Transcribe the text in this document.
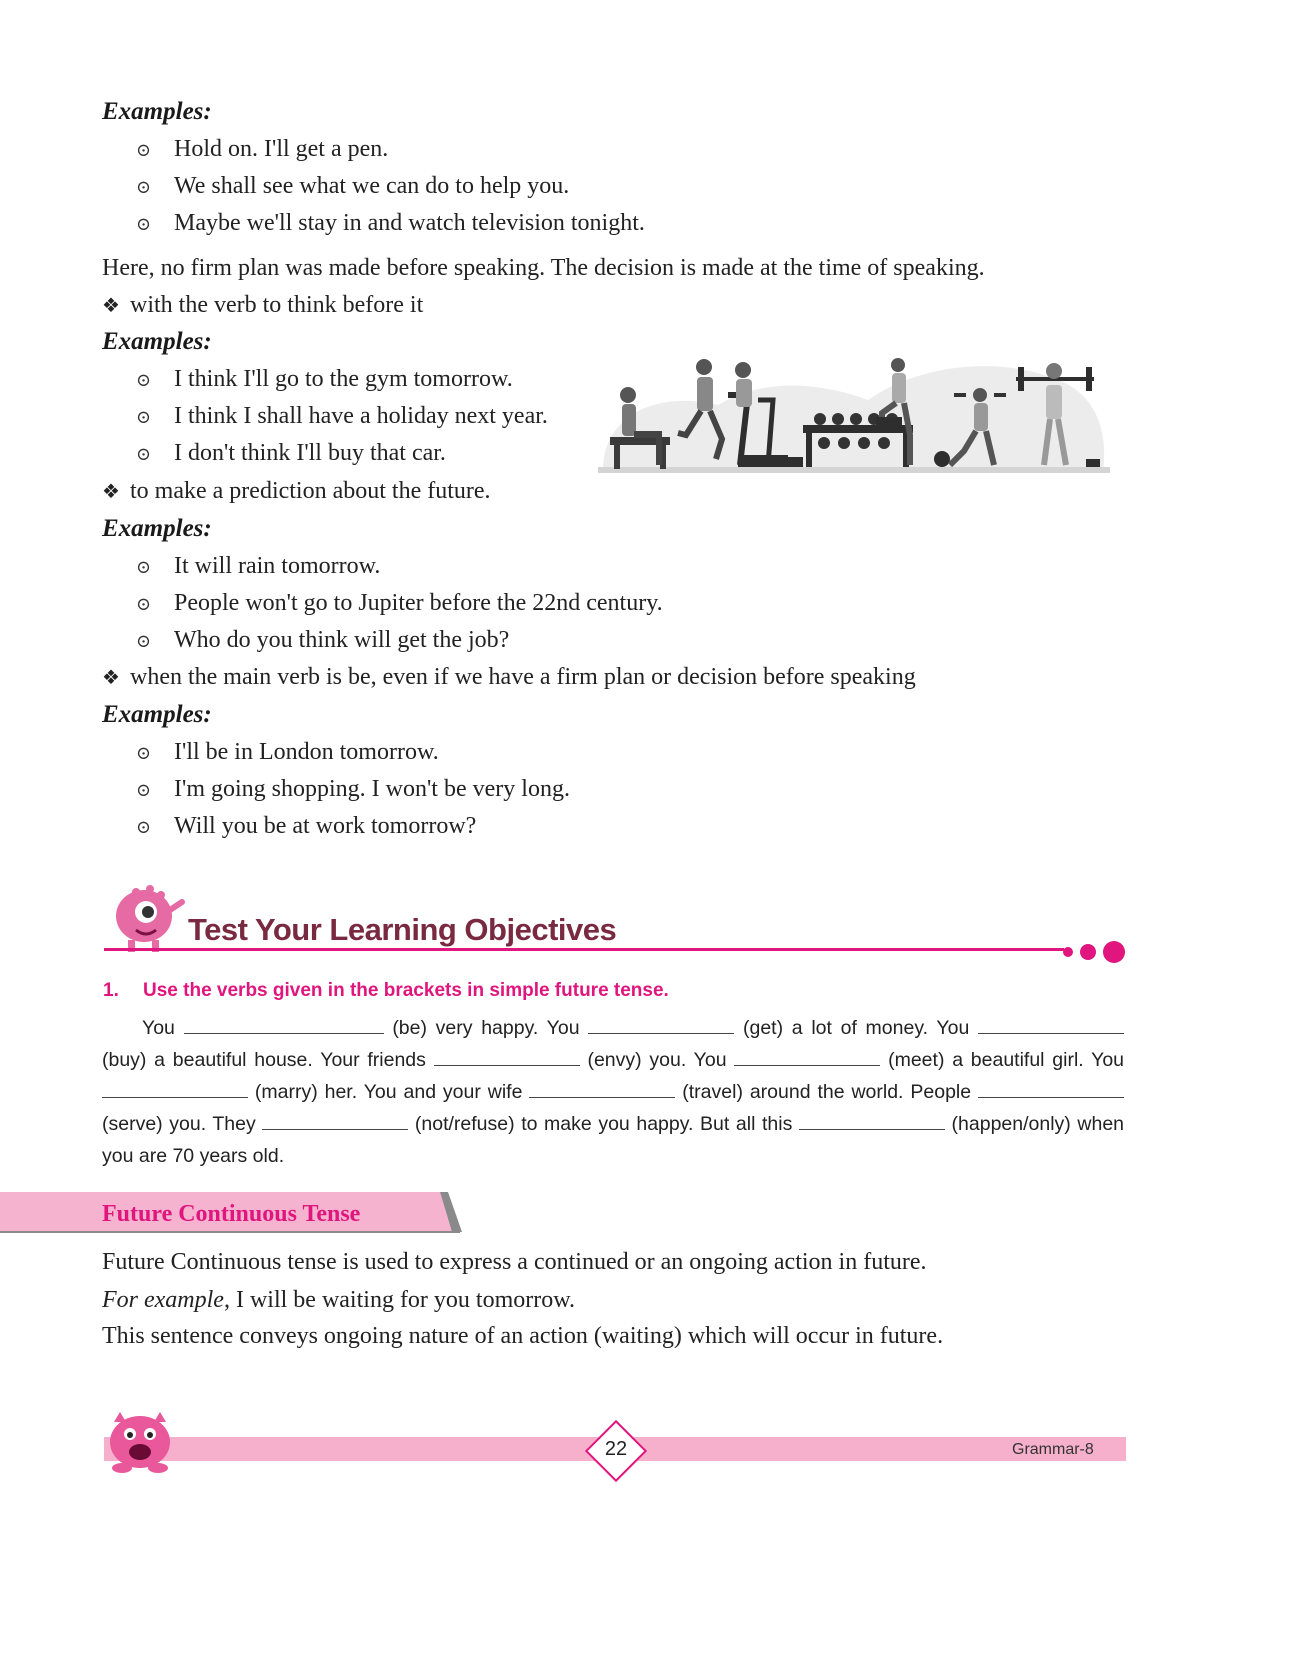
Examples:
⊙ Hold on. I'll get a pen.
⊙ We shall see what we can do to help you.
⊙ Maybe we'll stay in and watch television tonight.
Here, no firm plan was made before speaking. The decision is made at the time of speaking.
❖ with the verb to think before it
Examples:
⊙ I think I'll go to the gym tomorrow.
⊙ I think I shall have a holiday next year.
⊙ I don't think I'll buy that car.
❖ to make a prediction about the future.
Examples:
⊙ It will rain tomorrow.
⊙ People won't go to Jupiter before the 22nd century.
⊙ Who do you think will get the job?
❖ when the main verb is be, even if we have a firm plan or decision before speaking
Examples:
⊙ I'll be in London tomorrow.
⊙ I'm going shopping. I won't be very long.
⊙ Will you be at work tomorrow?
Test Your Learning Objectives
1. Use the verbs given in the brackets in simple future tense.
You	(be) very happy. You	(get) a lot of money. You  (buy) a beautiful house. Your friends	(envy) you. You	(meet) a beautiful girl. You  (marry) her. You and your wife	(travel) around the world. People  (serve) you. They	(not/refuse) to make you happy. But all this	(happen/only) when you are 70 years old.
Future Continuous Tense
Future Continuous tense is used to express a continued or an ongoing action in future.
For example, I will be waiting for you tomorrow.
This sentence conveys ongoing nature of an action (waiting) which will occur in future.
22	Grammar-8
